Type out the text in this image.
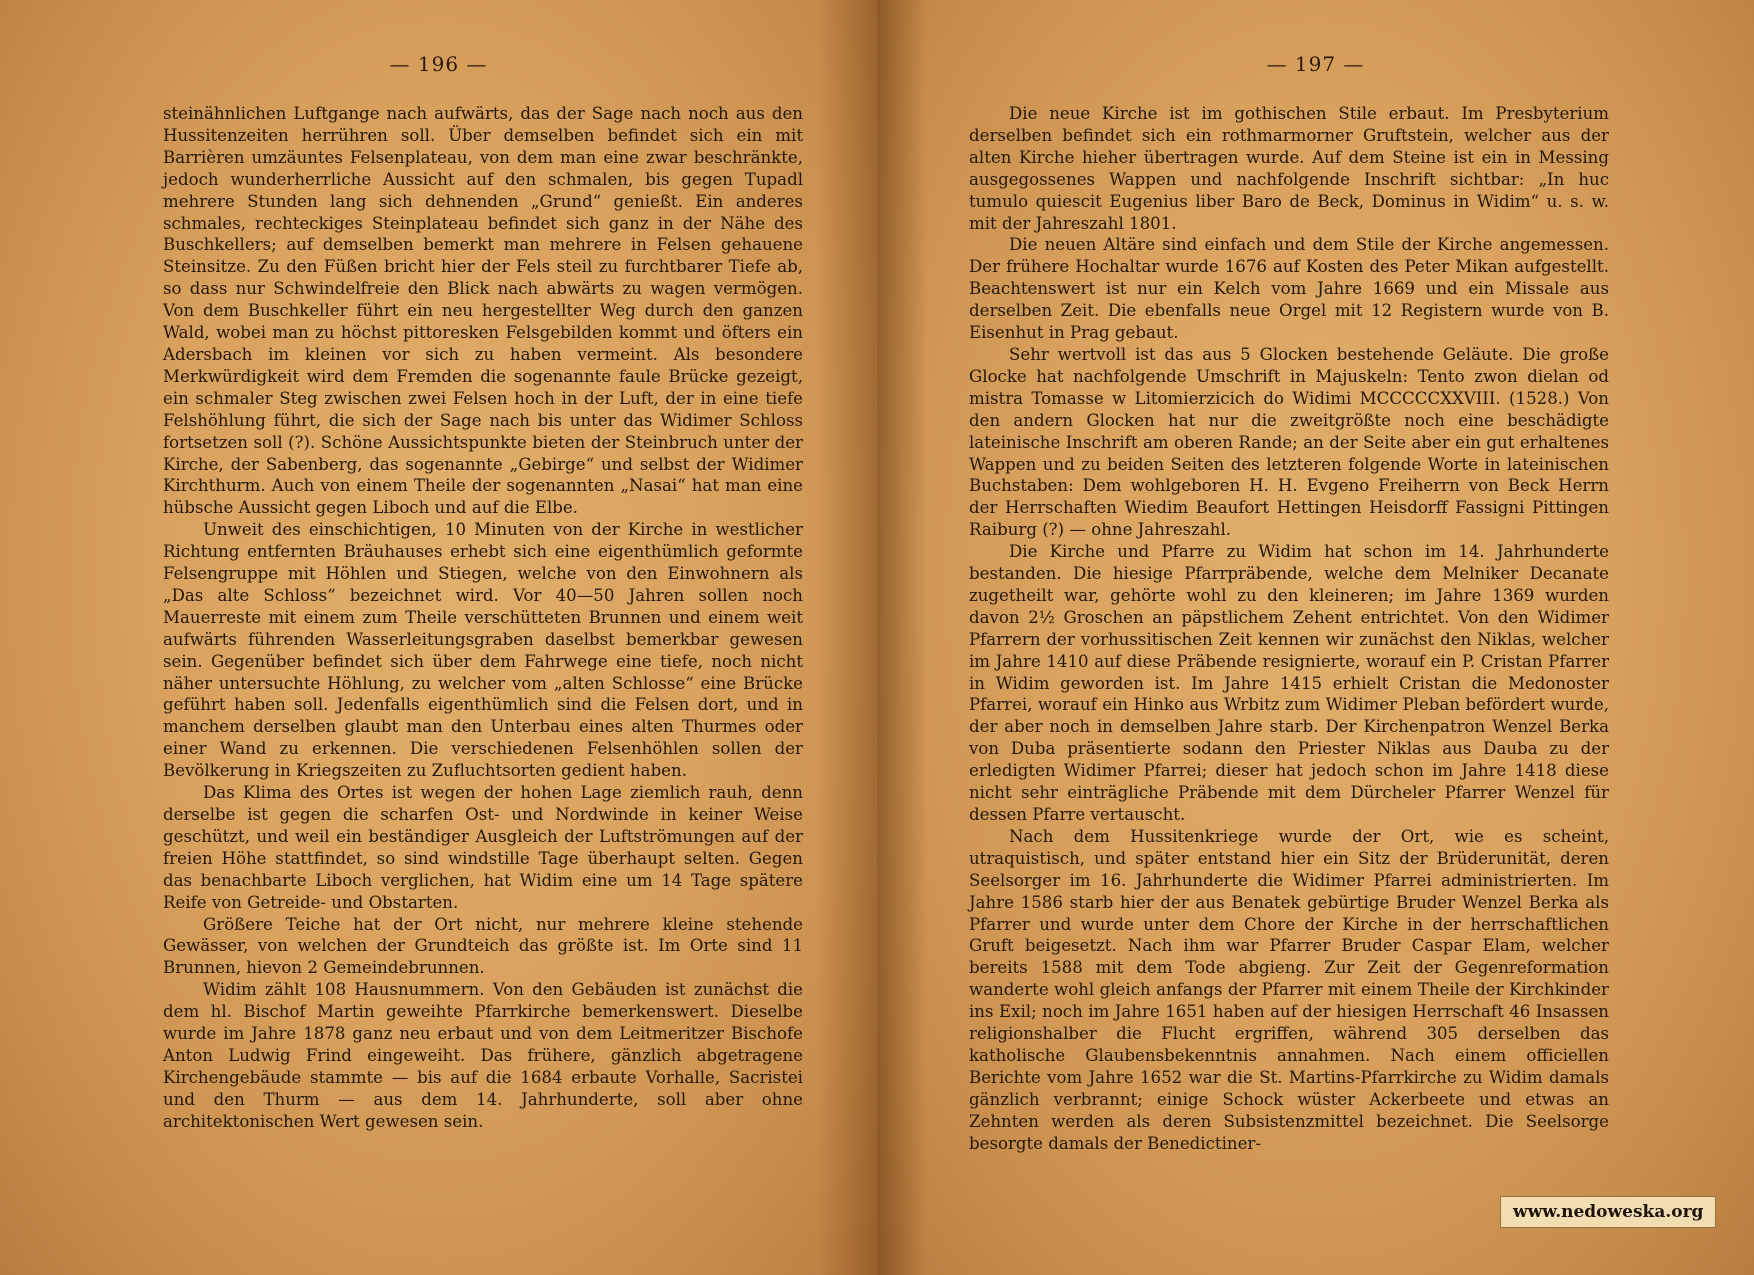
— 196 —

steinähnlichen Luftgange nach aufwärts, das der Sage nach noch aus den Hussitenzeiten herrühren soll. Über demselben befindet sich ein mit Barrièren umzäuntes Felsenplateau, von dem man eine zwar beschränkte, jedoch wunderherrliche Aussicht auf den schmalen, bis gegen Tupadl mehrere Stunden lang sich dehnenden „Grund“ genießt. Ein anderes schmales, rechteckiges Steinplateau befindet sich ganz in der Nähe des Buschkellers; auf demselben bemerkt man mehrere in Felsen gehauene Steinsitze. Zu den Füßen bricht hier der Fels steil zu furchtbarer Tiefe ab, so dass nur Schwindelfreie den Blick nach abwärts zu wagen vermögen. Von dem Buschkeller führt ein neu hergestellter Weg durch den ganzen Wald, wobei man zu höchst pittoresken Felsgebilden kommt und öfters ein Adersbach im kleinen vor sich zu haben vermeint. Als besondere Merkwürdigkeit wird dem Fremden die sogenannte faule Brücke gezeigt, ein schmaler Steg zwischen zwei Felsen hoch in der Luft, der in eine tiefe Felshöhlung führt, die sich der Sage nach bis unter das Widimer Schloss fortsetzen soll (?). Schöne Aussichtspunkte bieten der Steinbruch unter der Kirche, der Sabenberg, das sogenannte „Gebirge“ und selbst der Widimer Kirchthurm. Auch von einem Theile der sogenannten „Nasai“ hat man eine hübsche Aussicht gegen Liboch und auf die Elbe.

Unweit des einschichtigen, 10 Minuten von der Kirche in westlicher Richtung entfernten Bräuhauses erhebt sich eine eigenthümlich geformte Felsengruppe mit Höhlen und Stiegen, welche von den Einwohnern als „Das alte Schloss“ bezeichnet wird. Vor 40—50 Jahren sollen noch Mauerreste mit einem zum Theile verschütteten Brunnen und einem weit aufwärts führenden Wasserleitungsgraben daselbst bemerkbar gewesen sein. Gegenüber befindet sich über dem Fahrwege eine tiefe, noch nicht näher untersuchte Höhlung, zu welcher vom „alten Schlosse“ eine Brücke geführt haben soll. Jedenfalls eigenthümlich sind die Felsen dort, und in manchem derselben glaubt man den Unterbau eines alten Thurmes oder einer Wand zu erkennen. Die verschiedenen Felsenhöhlen sollen der Bevölkerung in Kriegszeiten zu Zufluchtsorten gedient haben.

Das Klima des Ortes ist wegen der hohen Lage ziemlich rauh, denn derselbe ist gegen die scharfen Ost- und Nordwinde in keiner Weise geschützt, und weil ein beständiger Ausgleich der Luftströmungen auf der freien Höhe stattfindet, so sind windstille Tage überhaupt selten. Gegen das benachbarte Liboch verglichen, hat Widim eine um 14 Tage spätere Reife von Getreide- und Obstarten.

Größere Teiche hat der Ort nicht, nur mehrere kleine stehende Gewässer, von welchen der Grundteich das größte ist. Im Orte sind 11 Brunnen, hievon 2 Gemeindebrunnen.

Widim zählt 108 Hausnummern. Von den Gebäuden ist zunächst die dem hl. Bischof Martin geweihte Pfarrkirche bemerkenswert. Dieselbe wurde im Jahre 1878 ganz neu erbaut und von dem Leitmeritzer Bischofe Anton Ludwig Frind eingeweiht. Das frühere, gänzlich abgetragene Kirchengebäude stammte — bis auf die 1684 erbaute Vorhalle, Sacristei und den Thurm — aus dem 14. Jahrhunderte, soll aber ohne architektonischen Wert gewesen sein.

— 197 —

Die neue Kirche ist im gothischen Stile erbaut. Im Presbyterium derselben befindet sich ein rothmarmorner Gruftstein, welcher aus der alten Kirche hieher übertragen wurde. Auf dem Steine ist ein in Messing ausgegossenes Wappen und nachfolgende Inschrift sichtbar: „In huc tumulo quiescit Eugenius liber Baro de Beck, Dominus in Widim“ u. s. w. mit der Jahreszahl 1801.

Die neuen Altäre sind einfach und dem Stile der Kirche angemessen. Der frühere Hochaltar wurde 1676 auf Kosten des Peter Mikan aufgestellt. Beachtenswert ist nur ein Kelch vom Jahre 1669 und ein Missale aus derselben Zeit. Die ebenfalls neue Orgel mit 12 Registern wurde von B. Eisenhut in Prag gebaut.

Sehr wertvoll ist das aus 5 Glocken bestehende Geläute. Die große Glocke hat nachfolgende Umschrift in Majuskeln: Tento zwon dielan od mistra Tomasse w Litomierzicich do Widimi MCCCCCXXVIII. (1528.) Von den andern Glocken hat nur die zweitgrößte noch eine beschädigte lateinische Inschrift am oberen Rande; an der Seite aber ein gut erhaltenes Wappen und zu beiden Seiten des letzteren folgende Worte in lateinischen Buchstaben: Dem wohlgeboren H. H. Evgeno Freiherrn von Beck Herrn der Herrschaften Wiedim Beaufort Hettingen Heisdorff Fassigni Pittingen Raiburg (?) — ohne Jahreszahl.

Die Kirche und Pfarre zu Widim hat schon im 14. Jahrhunderte bestanden. Die hiesige Pfarrpräbende, welche dem Melniker Decanate zugetheilt war, gehörte wohl zu den kleineren; im Jahre 1369 wurden davon 2½ Groschen an päpstlichem Zehent entrichtet. Von den Widimer Pfarrern der vorhussitischen Zeit kennen wir zunächst den Niklas, welcher im Jahre 1410 auf diese Präbende resignierte, worauf ein P. Cristan Pfarrer in Widim geworden ist. Im Jahre 1415 erhielt Cristan die Medonoster Pfarrei, worauf ein Hinko aus Wrbitz zum Widimer Pleban befördert wurde, der aber noch in demselben Jahre starb. Der Kirchenpatron Wenzel Berka von Duba präsentierte sodann den Priester Niklas aus Dauba zu der erledigten Widimer Pfarrei; dieser hat jedoch schon im Jahre 1418 diese nicht sehr einträgliche Präbende mit dem Dürcheler Pfarrer Wenzel für dessen Pfarre vertauscht.

Nach dem Hussitenkriege wurde der Ort, wie es scheint, utraquistisch, und später entstand hier ein Sitz der Brüderunität, deren Seelsorger im 16. Jahrhunderte die Widimer Pfarrei administrierten. Im Jahre 1586 starb hier der aus Benatek gebürtige Bruder Wenzel Berka als Pfarrer und wurde unter dem Chore der Kirche in der herrschaftlichen Gruft beigesetzt. Nach ihm war Pfarrer Bruder Caspar Elam, welcher bereits 1588 mit dem Tode abgieng. Zur Zeit der Gegenreformation wanderte wohl gleich anfangs der Pfarrer mit einem Theile der Kirchkinder ins Exil; noch im Jahre 1651 haben auf der hiesigen Herrschaft 46 Insassen religionshalber die Flucht ergriffen, während 305 derselben das katholische Glaubensbekenntnis annahmen. Nach einem officiellen Berichte vom Jahre 1652 war die St. Martins-Pfarrkirche zu Widim damals gänzlich verbrannt; einige Schock wüster Ackerbeete und etwas an Zehnten werden als deren Subsistenzmittel bezeichnet. Die Seelsorge besorgte damals der Benedictiner-

www.nedoweska.org
